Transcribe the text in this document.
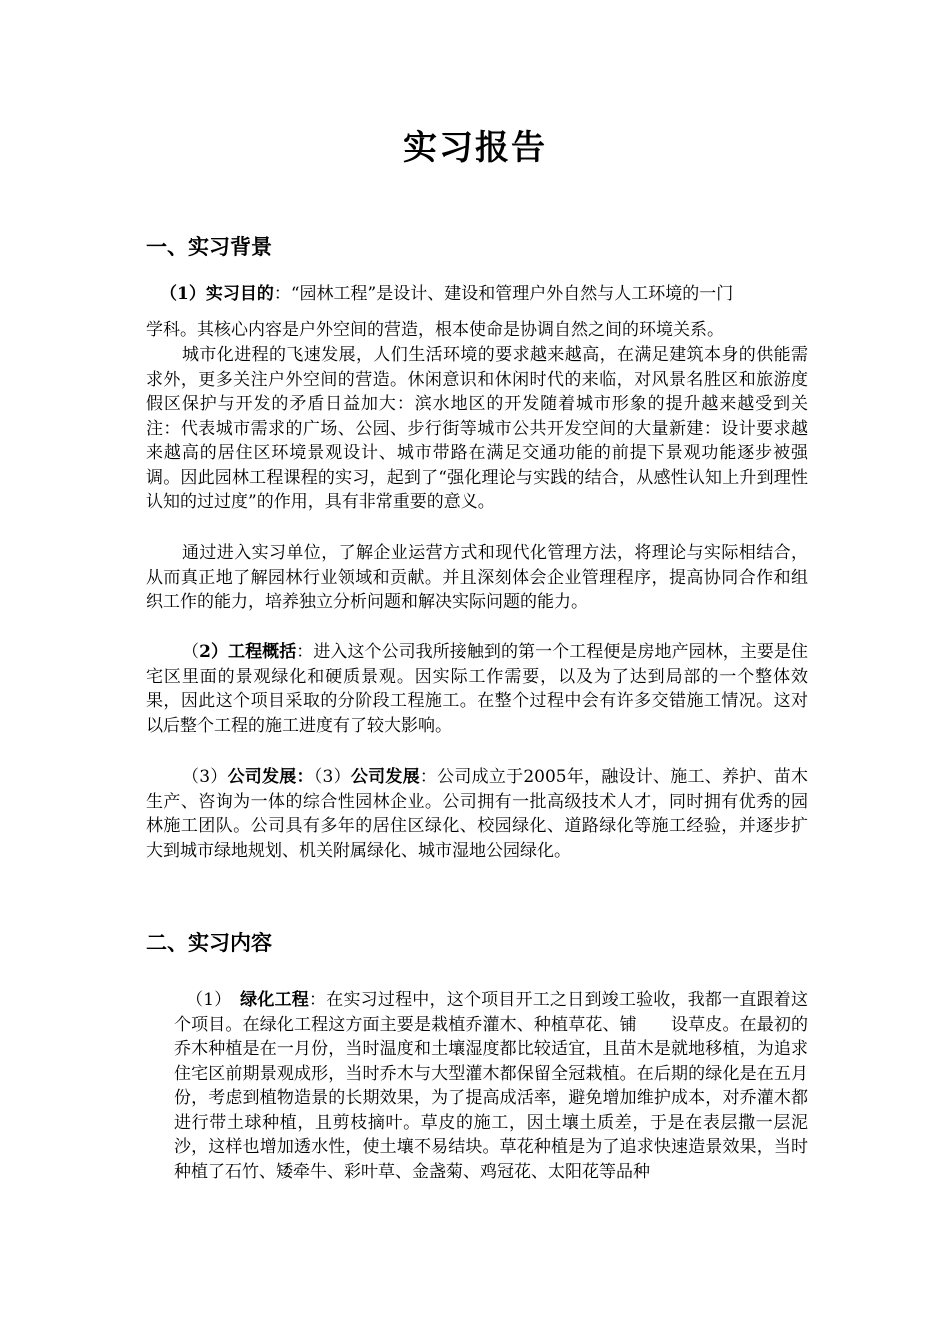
实习报告
一、实习背景
（1）实习目的：“园林工程”是设计、建设和管理户外自然与人工环境的一门
学科。其核心内容是户外空间的营造，根本使命是协调自然之间的环境关系。
城市化进程的飞速发展，人们生活环境的要求越来越高，在满足建筑本身的供能需求外，更多关注户外空间的营造。休闲意识和休闲时代的来临，对风景名胜区和旅游度假区保护与开发的矛盾日益加大：滨水地区的开发随着城市形象的提升越来越受到关注：代表城市需求的广场、公园、步行街等城市公共开发空间的大量新建：设计要求越来越高的居住区环境景观设计、城市带路在满足交通功能的前提下景观功能逐步被强调。因此园林工程课程的实习，起到了“强化理论与实践的结合，从感性认知上升到理性认知的过过度”的作用，具有非常重要的意义。
通过进入实习单位，了解企业运营方式和现代化管理方法，将理论与实际相结合，从而真正地了解园林行业领域和贡献。并且深刻体会企业管理程序，提高协同合作和组织工作的能力，培养独立分析问题和解决实际问题的能力。
（2）工程概括：进入这个公司我所接触到的第一个工程便是房地产园林，主要是住宅区里面的景观绿化和硬质景观。因实际工作需要，以及为了达到局部的一个整体效果，因此这个项目采取的分阶段工程施工。在整个过程中会有许多交错施工情况。这对以后整个工程的施工进度有了较大影响。
（3）公司发展：（3）公司发展：公司成立于2005年，融设计、施工、养护、苗木生产、咨询为一体的综合性园林企业。公司拥有一批高级技术人才，同时拥有优秀的园林施工团队。公司具有多年的居住区绿化、校园绿化、道路绿化等施工经验，并逐步扩大到城市绿地规划、机关附属绿化、城市湿地公园绿化。
二、实习内容
（1）　绿化工程：在实习过程中，这个项目开工之日到竣工验收，我都一直跟着这个项目。在绿化工程这方面主要是栽植乔灌木、种植草花、铺　　设草皮。在最初的乔木种植是在一月份，当时温度和土壤湿度都比较适宜，且苗木是就地移植，为追求住宅区前期景观成形，当时乔木与大型灌木都保留全冠栽植。在后期的绿化是在五月份，考虑到植物造景的长期效果，为了提高成活率，避免增加维护成本，对乔灌木都进行带土球种植，且剪枝摘叶。草皮的施工，因土壤土质差，于是在表层撒一层泥沙，这样也增加透水性，使土壤不易结块。草花种植是为了追求快速造景效果，当时种植了石竹、矮牵牛、彩叶草、金盏菊、鸡冠花、太阳花等品种
